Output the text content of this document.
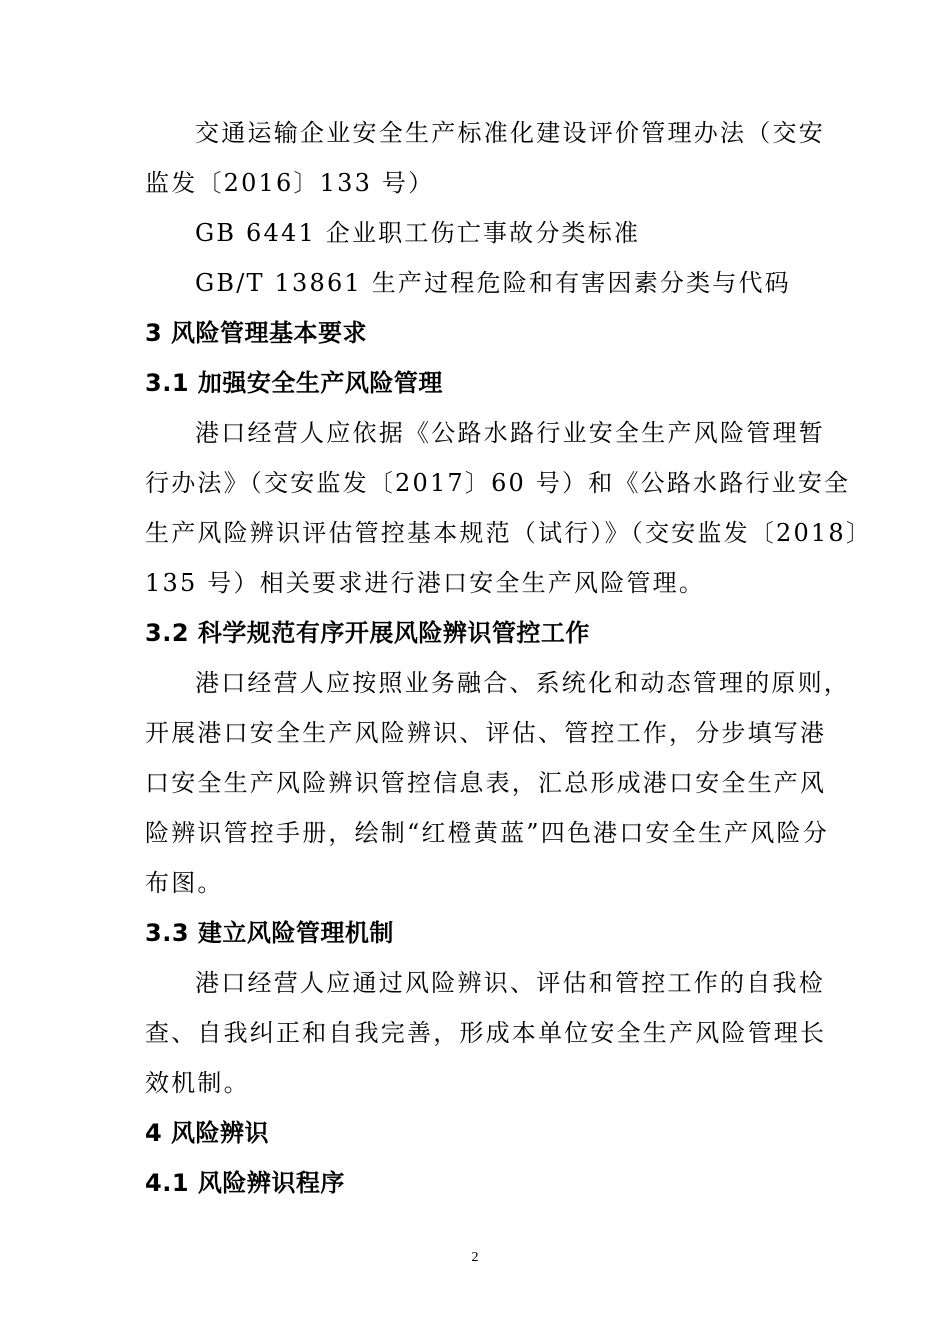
交通运输企业安全生产标准化建设评价管理办法（交安
监发〔2016〕133 号）
GB 6441 企业职工伤亡事故分类标准
GB/T 13861 生产过程危险和有害因素分类与代码
3 风险管理基本要求
3.1 加强安全生产风险管理
港口经营人应依据《公路水路行业安全生产风险管理暂
行办法》（交安监发〔2017〕60 号）和《公路水路行业安全
生产风险辨识评估管控基本规范（试行）》（交安监发〔2018〕
135 号）相关要求进行港口安全生产风险管理。
3.2 科学规范有序开展风险辨识管控工作
港口经营人应按照业务融合、系统化和动态管理的原则，
开展港口安全生产风险辨识、评估、管控工作，分步填写港
口安全生产风险辨识管控信息表，汇总形成港口安全生产风
险辨识管控手册，绘制“红橙黄蓝”四色港口安全生产风险分
布图。
3.3 建立风险管理机制
港口经营人应通过风险辨识、评估和管控工作的自我检
查、自我纠正和自我完善，形成本单位安全生产风险管理长
效机制。
4 风险辨识
4.1 风险辨识程序
2
